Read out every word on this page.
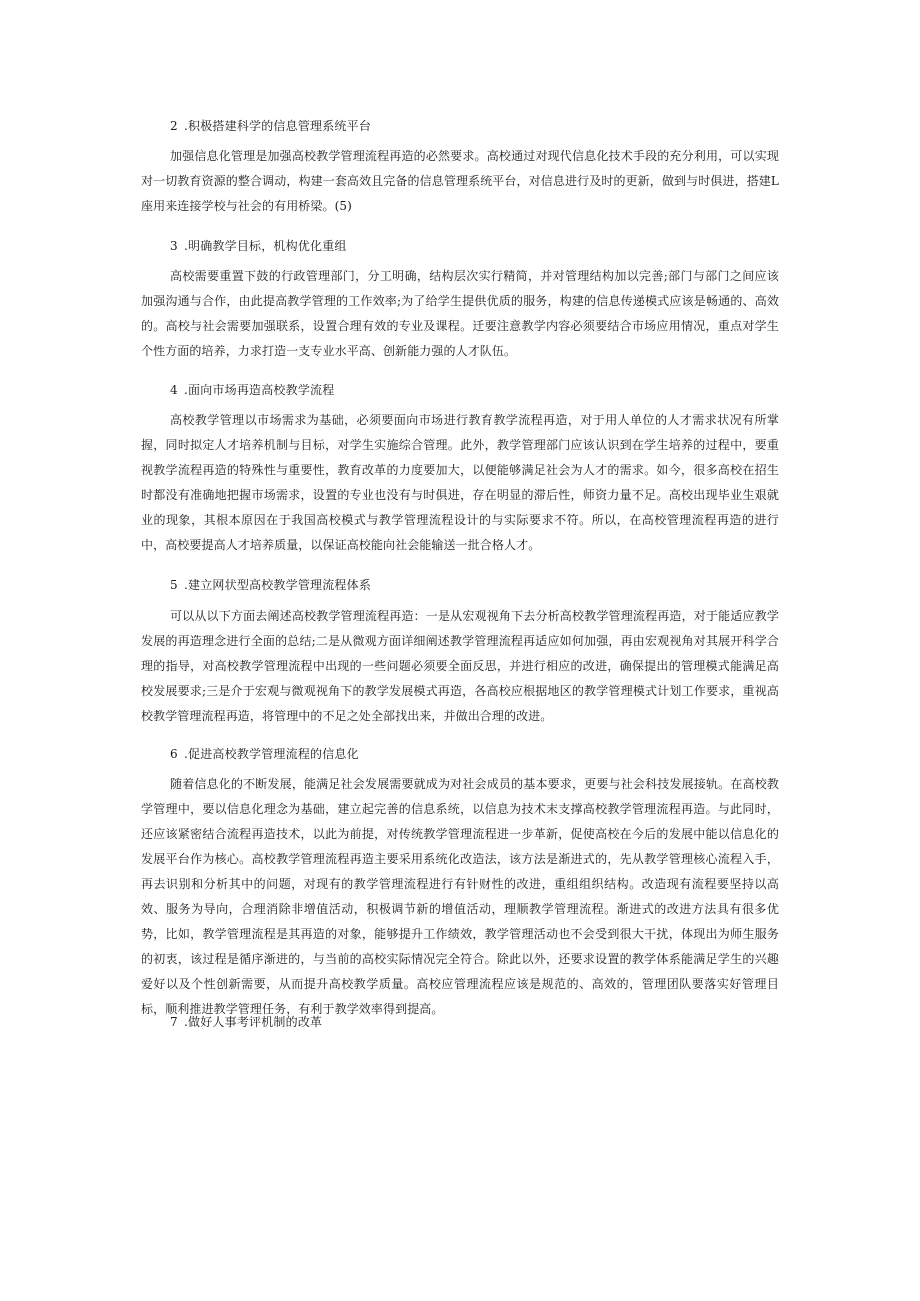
2 .积极搭建科学的信息管理系统平台

加强信息化管理是加强高校教学管理流程再造的必然要求。高校通过对现代信息化技术手段的充分利用，可以实现对一切教育资源的整合调动，构建一套高效且完备的信息管理系统平台，对信息进行及时的更新，做到与时俱进，搭建L座用来连接学校与社会的有用桥梁。(5)

3 .明确教学目标，机构优化重组

高校需要重置下鼓的行政管理部门，分工明确，结构层次实行精简，并对管理结构加以完善;部门与部门之间应该加强沟通与合作，由此提高教学管理的工作效率;为了给学生提供优质的服务，构建的信息传递模式应该是畅通的、高效的。高校与社会需要加强联系，设置合理有效的专业及课程。迁要注意教学内容必须要结合市场应用情况，重点对学生个性方面的培养，力求打造一支专业水平高、创新能力强的人才队伍。

4 .面向市场再造高校教学流程

高校教学管理以市场需求为基础，必须要面向市场进行教育教学流程再造，对于用人单位的人才需求状况有所掌握，同时拟定人才培养机制与目标，对学生实施综合管理。此外，教学管理部门应该认识到在学生培养的过程中，要重视教学流程再造的特殊性与重要性，教育改革的力度要加大，以便能够满足社会为人才的需求。如今，很多高校在招生时都没有准确地把握市场需求，设置的专业也没有与时俱进，存在明显的滞后性，师资力量不足。高校出现毕业生艰就业的现象，其根本原因在于我国高校模式与教学管理流程设计的与实际要求不符。所以，在高校管理流程再造的进行中，高校要提高人才培养质量，以保证高校能向社会能输送一批合格人才。

5 .建立网状型高校教学管理流程体系

可以从以下方面去阐述高校教学管理流程再造：一是从宏观视角下去分析高校教学管理流程再造，对于能适应教学发展的再造理念进行全面的总结;二是从微观方面详细阐述教学管理流程再适应如何加强，再由宏观视角对其展开科学合理的指导，对高校教学管理流程中出现的一些问题必须要全面反思，并进行相应的改进，确保提出的管理模式能满足高校发展要求;三是介于宏观与微观视角下的教学发展模式再造，各高校应根据地区的教学管理模式计划工作要求，重视高校教学管理流程再造，将管理中的不足之处全部找出来，并做出合理的改进。

6 .促进高校教学管理流程的信息化

随着信息化的不断发展，能满足社会发展需要就成为对社会成员的基本要求，更要与社会科技发展接轨。在高校教学管理中，要以信息化理念为基础，建立起完善的信息系统，以信息为技术末支撑高校教学管理流程再造。与此同时，还应该紧密结合流程再造技术，以此为前提，对传统教学管理流程进一步革新，促使高校在今后的发展中能以信息化的发展平台作为核心。高校教学管理流程再造主要采用系统化改造法，该方法是渐进式的，先从教学管理核心流程入手，再去识别和分析其中的问题，对现有的教学管理流程进行有针财性的改进，重组组织结构。改造现有流程要坚持以高效、服务为导向，合理消除非增值活动，积极调节新的增值活动，理顺教学管理流程。渐进式的改进方法具有很多优势，比如，教学管理流程是其再造的对象，能够提升工作绩效，教学管理活动也不会受到很大干扰，体现出为师生服务的初衷，该过程是循序渐进的，与当前的高校实际情况完全符合。除此以外，还要求设置的教学体系能满足学生的兴趣爱好以及个性创新需要，从而提升高校教学质量。高校应管理流程应该是规范的、高效的，管理团队要落实好管理目标，顺利推进教学管理任务，有利于教学效率得到提高。

7 .做好人事考评机制的改革
